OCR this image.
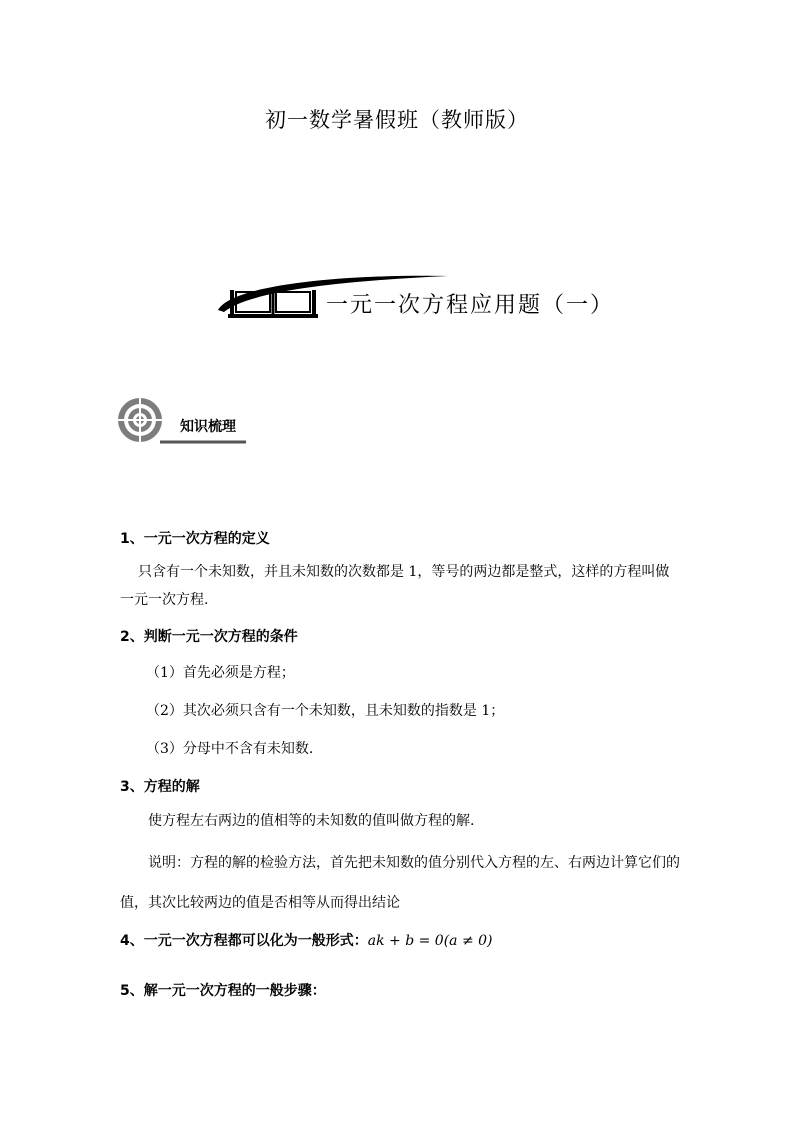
初一数学暑假班（教师版）
一元一次方程应用题（一）
知识梳理
1、一元一次方程的定义
只含有一个未知数，并且未知数的次数都是 1，等号的两边都是整式，这样的方程叫做一元一次方程.
2、判断一元一次方程的条件
（1）首先必须是方程；
（2）其次必须只含有一个未知数，且未知数的指数是 1；
（3）分母中不含有未知数.
3、方程的解
使方程左右两边的值相等的未知数的值叫做方程的解.
说明：方程的解的检验方法，首先把未知数的值分别代入方程的左、右两边计算它们的值，其次比较两边的值是否相等从而得出结论
4、一元一次方程都可以化为一般形式：ak + b = 0(a ≠ 0)
5、解一元一次方程的一般步骤：
